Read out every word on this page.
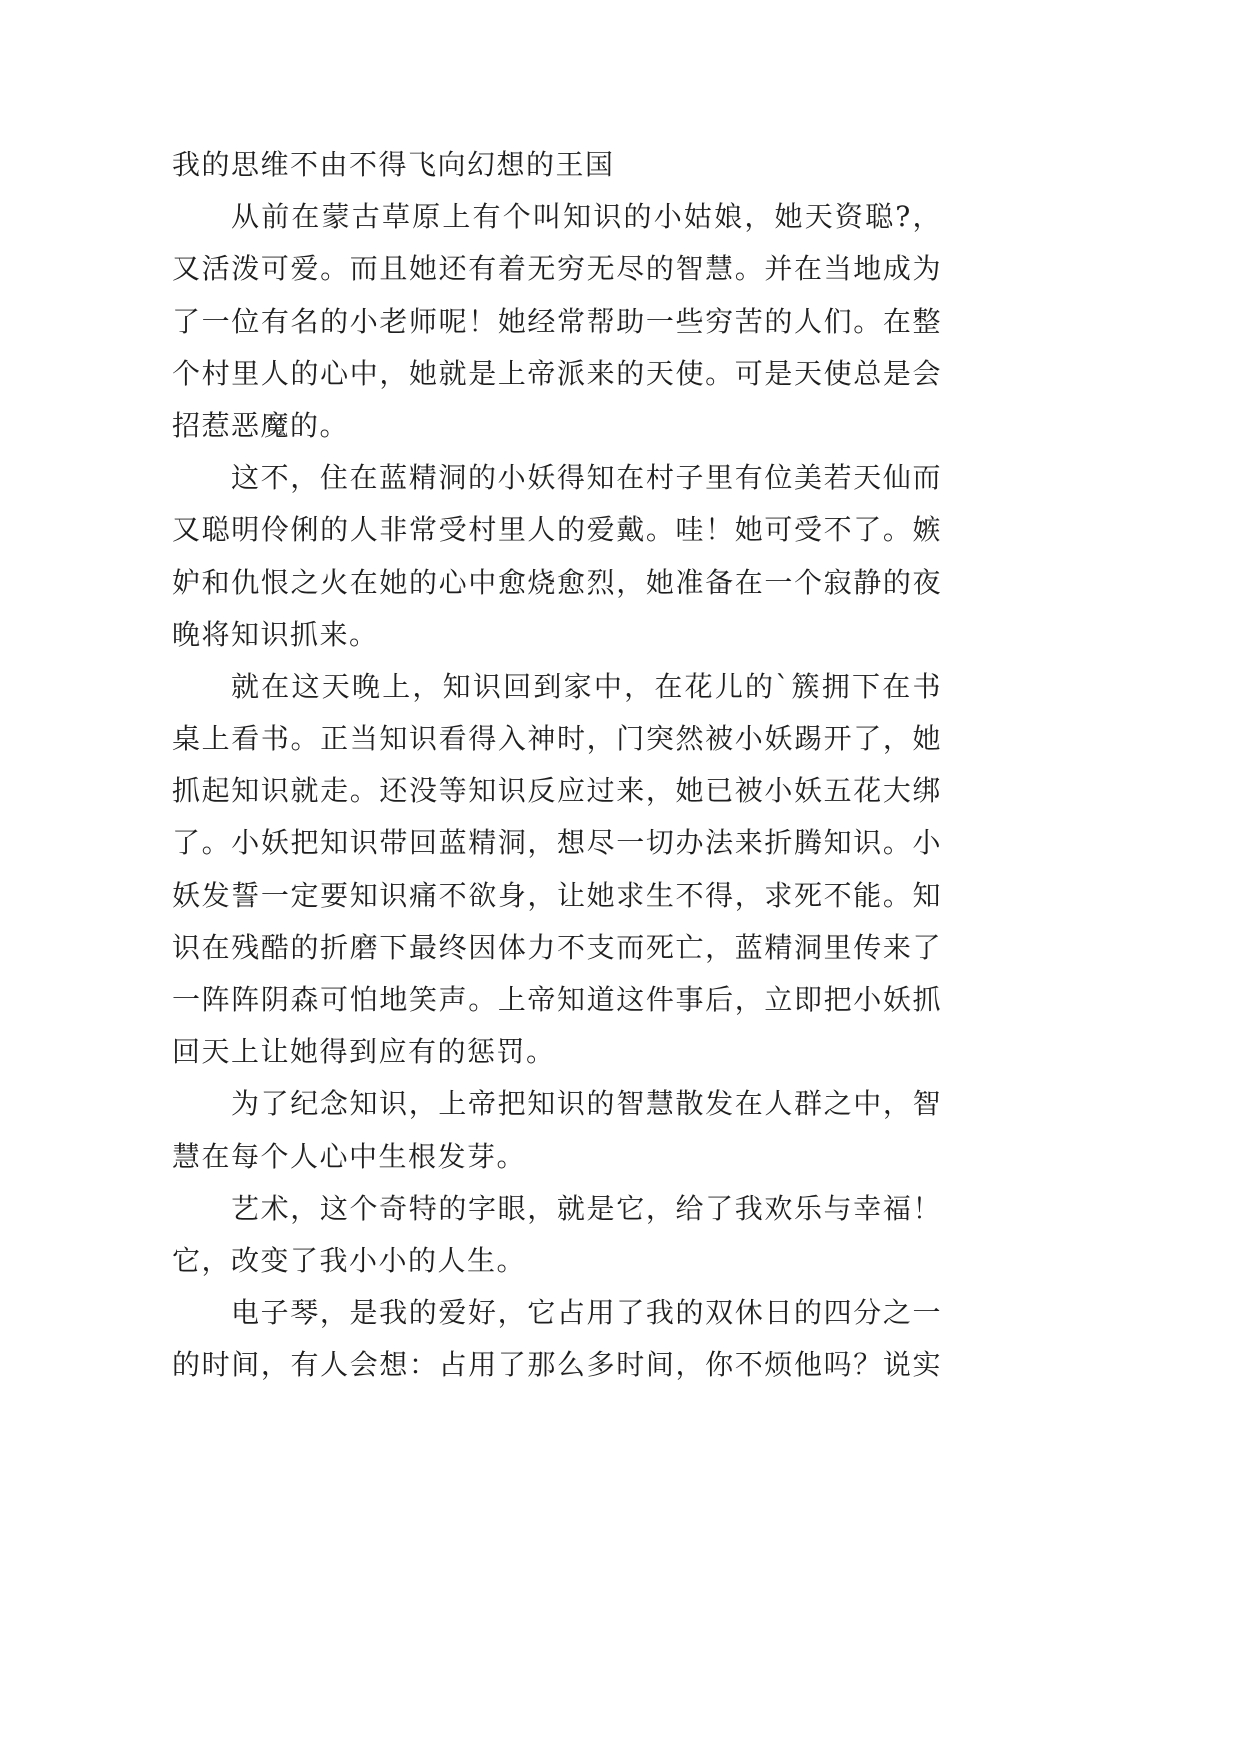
我的思维不由不得飞向幻想的王国
从前在蒙古草原上有个叫知识的小姑娘，她天资聪?，
又活泼可爱。而且她还有着无穷无尽的智慧。并在当地成为
了一位有名的小老师呢！她经常帮助一些穷苦的人们。在整
个村里人的心中，她就是上帝派来的天使。可是天使总是会
招惹恶魔的。
这不，住在蓝精洞的小妖得知在村子里有位美若天仙而
又聪明伶俐的人非常受村里人的爱戴。哇！她可受不了。嫉
妒和仇恨之火在她的心中愈烧愈烈，她准备在一个寂静的夜
晚将知识抓来。
就在这天晚上，知识回到家中，在花儿的`簇拥下在书
桌上看书。正当知识看得入神时，门突然被小妖踢开了，她
抓起知识就走。还没等知识反应过来，她已被小妖五花大绑
了。小妖把知识带回蓝精洞，想尽一切办法来折腾知识。小
妖发誓一定要知识痛不欲身，让她求生不得，求死不能。知
识在残酷的折磨下最终因体力不支而死亡，蓝精洞里传来了
一阵阵阴森可怕地笑声。上帝知道这件事后，立即把小妖抓
回天上让她得到应有的惩罚。
为了纪念知识，上帝把知识的智慧散发在人群之中，智
慧在每个人心中生根发芽。
艺术，这个奇特的字眼，就是它，给了我欢乐与幸福！
它，改变了我小小的人生。
电子琴，是我的爱好，它占用了我的双休日的四分之一
的时间，有人会想：占用了那么多时间，你不烦他吗？说实
